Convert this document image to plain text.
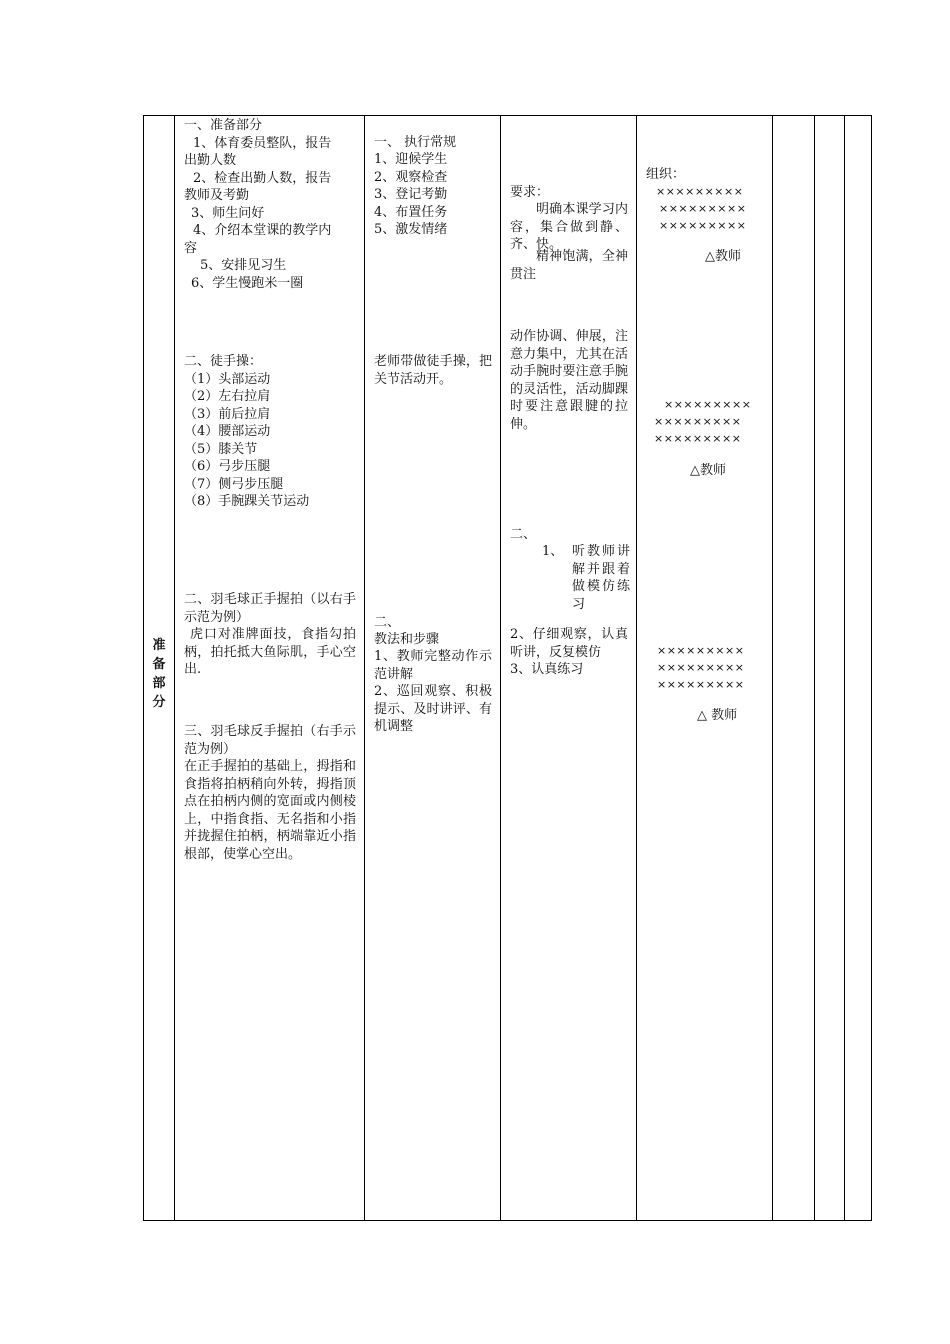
准
备
部
分
一、准备部分
1、体育委员整队，报告
出勤人数
2、检查出勤人数，报告
教师及考勤
3、师生问好
4、介绍本堂课的教学内
容
5、安排见习生
6、学生慢跑米一圈
二、徒手操：
（1）头部运动
（2）左右拉肩
（3）前后拉肩
（4）腰部运动
（5）膝关节
（6）弓步压腿
（7）侧弓步压腿
（8）手腕踝关节运动
二、羽毛球正手握拍（以右手示范为例）
虎口对准牌面技，食指勾拍柄，拍托抵大鱼际肌，手心空出.
三、羽毛球反手握拍（右手示范为例）
在正手握拍的基础上，拇指和食指将拍柄稍向外转，拇指顶点在拍柄内侧的宽面或内侧棱上，中指食指、无名指和小指并拢握住拍柄，柄端靠近小指根部，使掌心空出。
一、 执行常规
1、迎候学生
2、观察检查
3、登记考勤
4、布置任务
5、激发情绪
老师带做徒手操，把关节活动开。
二、
教法和步骤
1、教师完整动作示范讲解
2、巡回观察、积极提示、及时讲评、有机调整
要求：
明确本课学习内容，集合做到静、齐、快。
精神饱满，全神贯注
动作协调、伸展，注意力集中，尤其在活动手腕时要注意手腕的灵活性，活动脚踝时要注意跟腱的拉伸。
二、
1、 听教师讲解并跟着做模仿练习
2、仔细观察，认真听讲，反复模仿
3、认真练习
组织：
×××××××××
×××××××××
×××××××××
△教师
×××××××××
×××××××××
×××××××××
△教师
×××××××××
×××××××××
×××××××××
△ 教师
